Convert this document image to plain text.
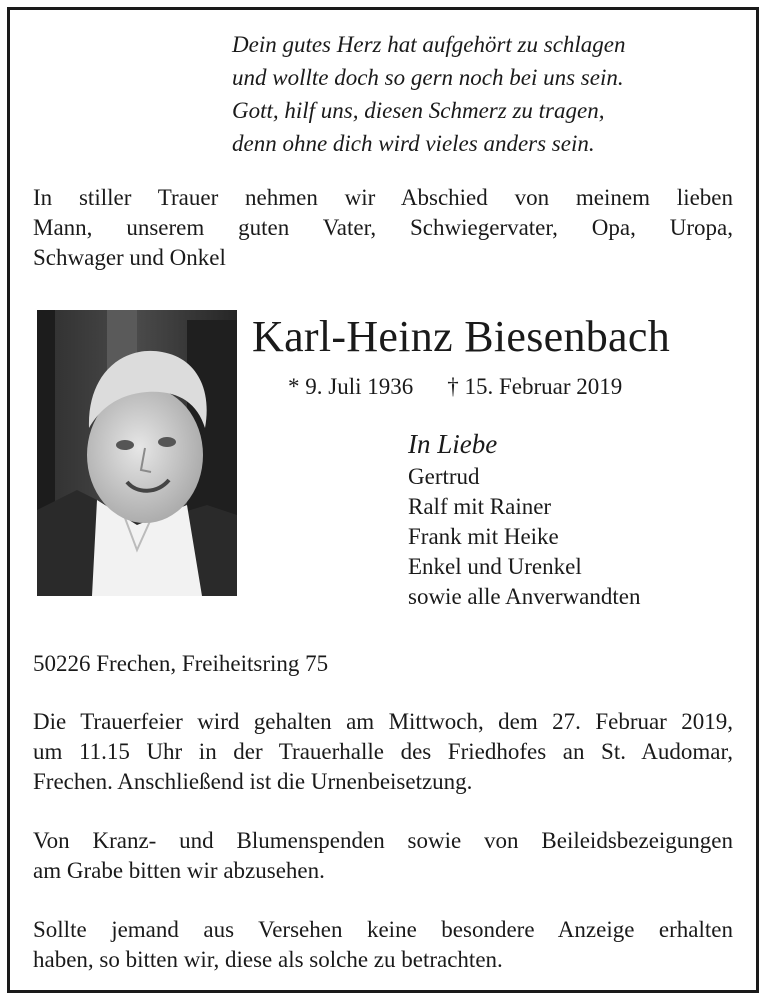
Dein gutes Herz hat aufgehört zu schlagen
und wollte doch so gern noch bei uns sein.
Gott, hilf uns, diesen Schmerz zu tragen,
denn ohne dich wird vieles anders sein.
In stiller Trauer nehmen wir Abschied von meinem lieben
Mann, unserem guten Vater, Schwiegervater, Opa, Uropa,
Schwager und Onkel
Karl-Heinz Biesenbach
* 9. Juli 1936 † 15. Februar 2019
In Liebe
Gertrud
Ralf mit Rainer
Frank mit Heike
Enkel und Urenkel
sowie alle Anverwandten
50226 Frechen, Freiheitsring 75
Die Trauerfeier wird gehalten am Mittwoch, dem 27. Februar 2019,
um 11.15 Uhr in der Trauerhalle des Friedhofes an St. Audomar,
Frechen. Anschließend ist die Urnenbeisetzung.
Von Kranz- und Blumenspenden sowie von Beileidsbezeigungen
am Grabe bitten wir abzusehen.
Sollte jemand aus Versehen keine besondere Anzeige erhalten
haben, so bitten wir, diese als solche zu betrachten.
